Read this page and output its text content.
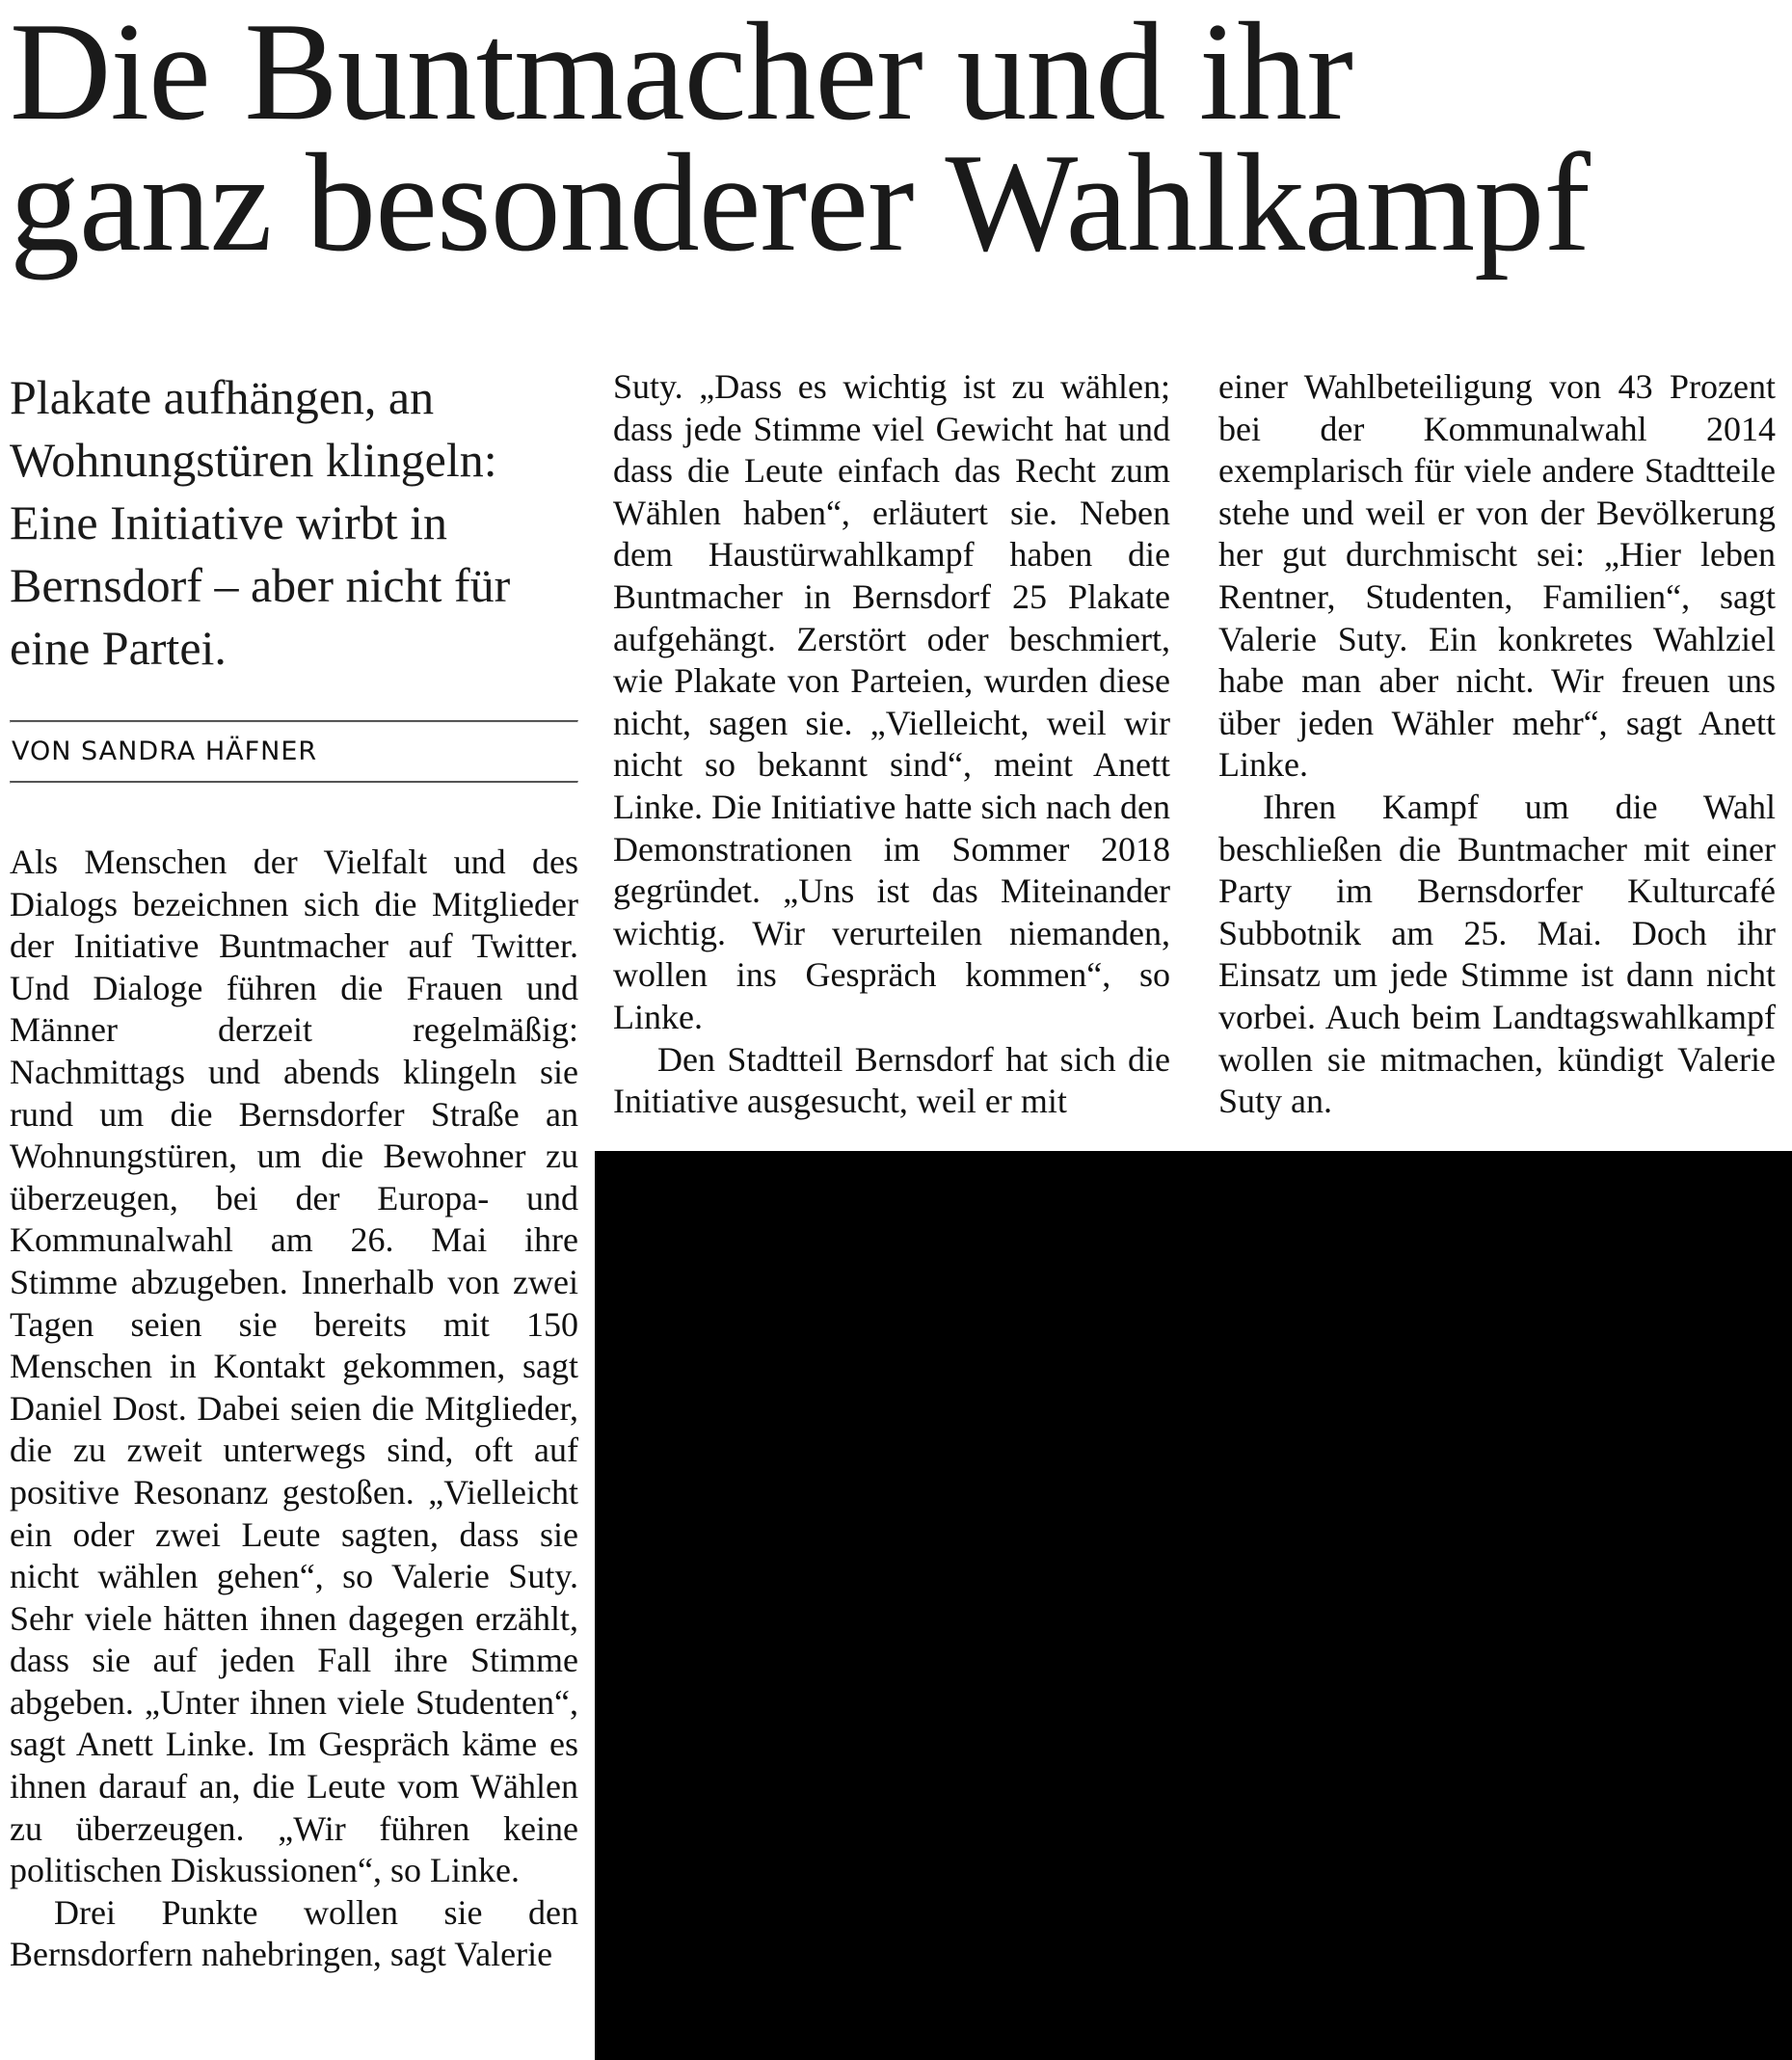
Die Buntmacher und ihr
ganz besonderer Wahlkampf

Plakate aufhängen, an Wohnungstüren klingeln: Eine Initiative wirbt in Bernsdorf – aber nicht für eine Partei.

VON SANDRA HÄFNER

Als Menschen der Vielfalt und des Dialogs bezeichnen sich die Mitglieder der Initiative Buntmacher auf Twitter. Und Dialoge führen die Frauen und Männer derzeit regelmäßig: Nachmittags und abends klingeln sie rund um die Bernsdorfer Straße an Wohnungstüren, um die Bewohner zu überzeugen, bei der Europa- und Kommunalwahl am 26. Mai ihre Stimme abzugeben. Innerhalb von zwei Tagen seien sie bereits mit 150 Menschen in Kontakt gekommen, sagt Daniel Dost. Dabei seien die Mitglieder, die zu zweit unterwegs sind, oft auf positive Resonanz gestoßen. „Vielleicht ein oder zwei Leute sagten, dass sie nicht wählen gehen“, so Valerie Suty. Sehr viele hätten ihnen dagegen erzählt, dass sie auf jeden Fall ihre Stimme abgeben. „Unter ihnen viele Studenten“, sagt Anett Linke. Im Gespräch käme es ihnen darauf an, die Leute vom Wählen zu überzeugen. „Wir führen keine politischen Diskussionen“, so Linke.

Drei Punkte wollen sie den Bernsdorfern nahebringen, sagt Valerie

Suty. „Dass es wichtig ist zu wählen; dass jede Stimme viel Gewicht hat und dass die Leute einfach das Recht zum Wählen haben“, erläutert sie. Neben dem Haustürwahlkampf haben die Buntmacher in Bernsdorf 25 Plakate aufgehängt. Zerstört oder beschmiert, wie Plakate von Parteien, wurden diese nicht, sagen sie. „Vielleicht, weil wir nicht so bekannt sind“, meint Anett Linke. Die Initiative hatte sich nach den Demonstrationen im Sommer 2018 gegründet. „Uns ist das Miteinander wichtig. Wir verurteilen niemanden, wollen ins Gespräch kommen“, so Linke.

Den Stadtteil Bernsdorf hat sich die Initiative ausgesucht, weil er mit

einer Wahlbeteiligung von 43 Prozent bei der Kommunalwahl 2014 exemplarisch für viele andere Stadtteile stehe und weil er von der Bevölkerung her gut durchmischt sei: „Hier leben Rentner, Studenten, Familien“, sagt Valerie Suty. Ein konkretes Wahlziel habe man aber nicht. Wir freuen uns über jeden Wähler mehr“, sagt Anett Linke.

Ihren Kampf um die Wahl beschließen die Buntmacher mit einer Party im Bernsdorfer Kulturcafé Subbotnik am 25. Mai. Doch ihr Einsatz um jede Stimme ist dann nicht vorbei. Auch beim Landtagswahlkampf wollen sie mitmachen, kündigt Valerie Suty an.
